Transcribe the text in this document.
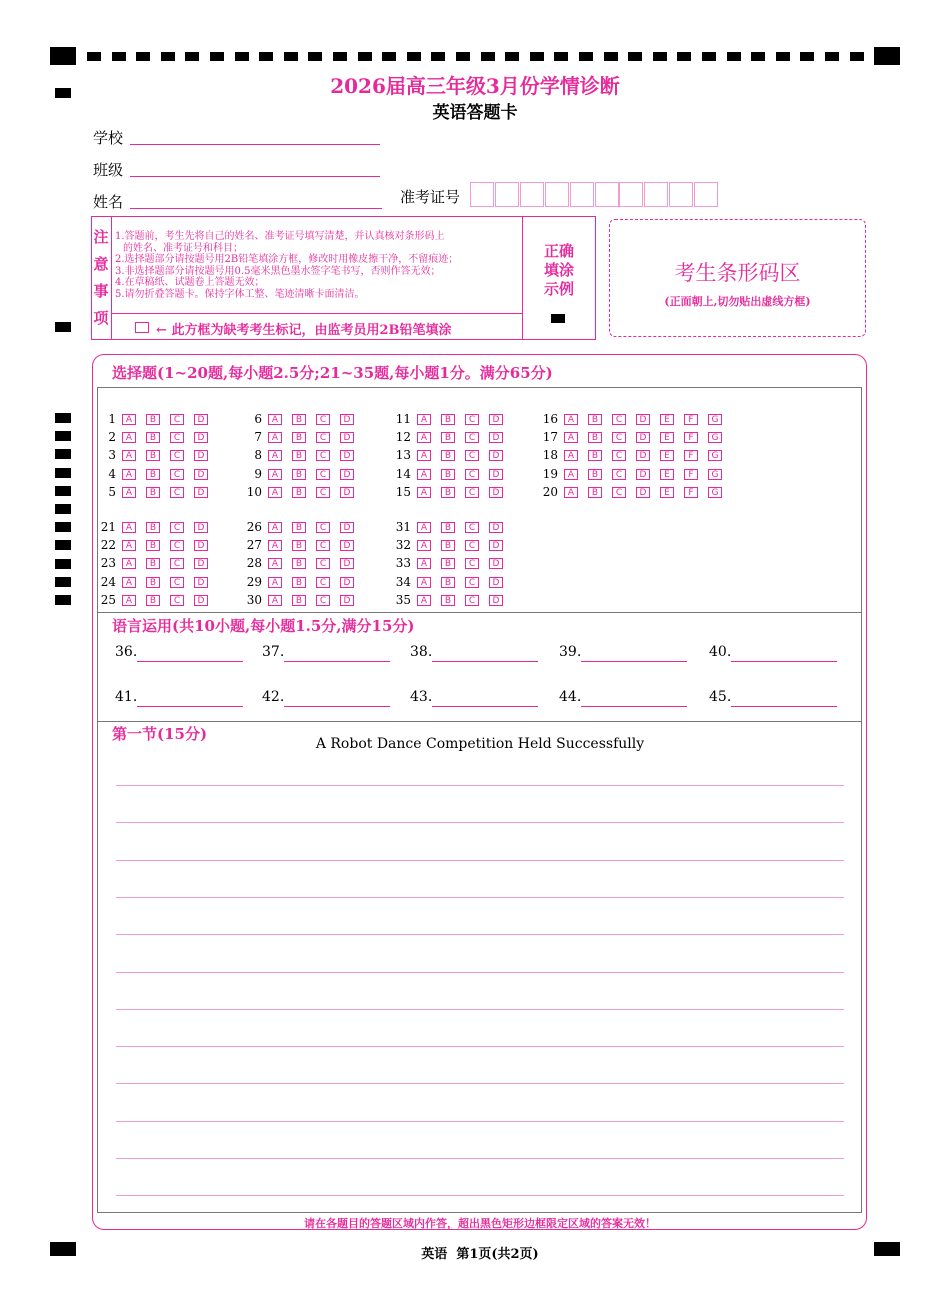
2026届高三年级3月份学情诊断
英语答题卡
学校
班级
姓名	准考证号
注
意
事
项
1.答题前，考生先将自己的姓名、准考证号填写清楚，并认真核对条形码上
的姓名、准考证号和科目；
2.选择题部分请按题号用2B铅笔填涂方框，修改时用橡皮擦干净，不留痕迹；
3.非选择题部分请按题号用0.5毫米黑色墨水签字笔书写，否则作答无效；
4.在草稿纸、试题卷上答题无效；
5.请勿折叠答题卡。保持字体工整、笔迹清晰卡面清洁。
← 此方框为缺考考生标记，由监考员用2B铅笔填涂
正确
填涂
示例
考生条形码区
(正面朝上,切勿贴出虚线方框)
选择题(1~20题,每小题2.5分;21~35题,每小题1分。满分65分)
1 A B C D
2 A B C D
3 A B C D
4 A B C D
5 A B C D
6 A B C D
7 A B C D
8 A B C D
9 A B C D
10 A B C D
11 A B C D
12 A B C D
13 A B C D
14 A B C D
15 A B C D
16 A B C D E F G
17 A B C D E F G
18 A B C D E F G
19 A B C D E F G
20 A B C D E F G
21 A B C D
22 A B C D
23 A B C D
24 A B C D
25 A B C D
26 A B C D
27 A B C D
28 A B C D
29 A B C D
30 A B C D
31 A B C D
32 A B C D
33 A B C D
34 A B C D
35 A B C D
语言运用(共10小题,每小题1.5分,满分15分)
36.	37.	38.	39.	40.
41.	42.	43.	44.	45.
第一节(15分)
A Robot Dance Competition Held Successfully
请在各题目的答题区域内作答，超出黑色矩形边框限定区域的答案无效！
英语  第1页(共2页)
